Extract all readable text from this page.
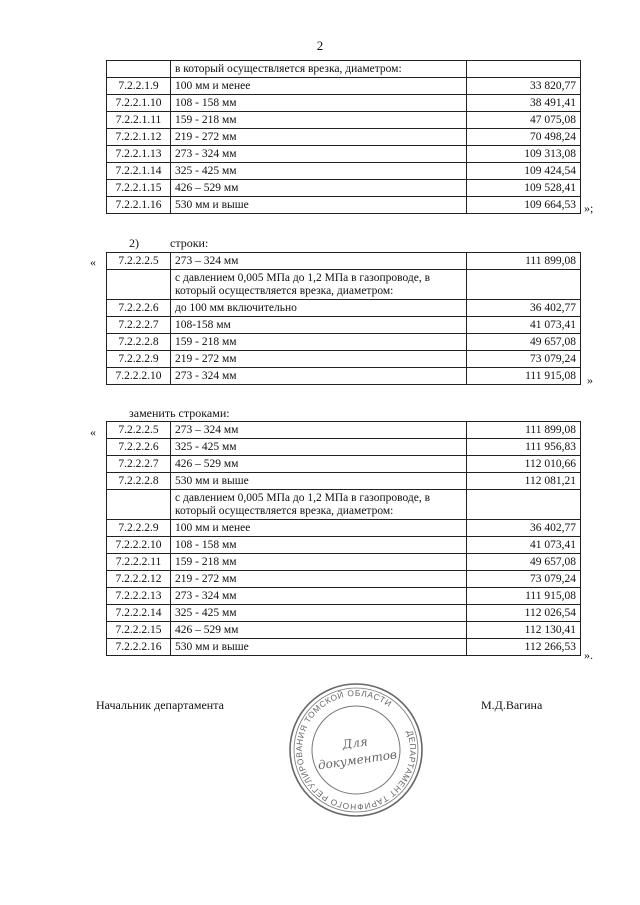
2
	в который осуществляется врезка, диаметром:	
7.2.2.1.9	100 мм и менее	33 820,77
7.2.2.1.10	108 - 158 мм	38 491,41
7.2.2.1.11	159 - 218 мм	47 075,08
7.2.2.1.12	219 - 272 мм	70 498,24
7.2.2.1.13	273 - 324 мм	109 313,08
7.2.2.1.14	325 - 425 мм	109 424,54
7.2.2.1.15	426 – 529 мм	109 528,41
7.2.2.1.16	530 мм и выше	109 664,53 »;
2)	строки:
« 7.2.2.2.5	273 – 324 мм	111 899,08
	с давлением 0,005 МПа до 1,2 МПа в газопроводе, в который осуществляется врезка, диаметром:	
7.2.2.2.6	до 100 мм включительно	36 402,77
7.2.2.2.7	108-158 мм	41 073,41
7.2.2.2.8	159 - 218 мм	49 657,08
7.2.2.2.9	219 - 272 мм	73 079,24
7.2.2.2.10	273 - 324 мм	111 915,08 »
заменить строками:
« 7.2.2.2.5	273 – 324 мм	111 899,08
7.2.2.2.6	325 - 425 мм	111 956,83
7.2.2.2.7	426 – 529 мм	112 010,66
7.2.2.2.8	530 мм и выше	112 081,21
	с давлением 0,005 МПа до 1,2 МПа в газопроводе, в который осуществляется врезка, диаметром:	
7.2.2.2.9	100 мм и менее	36 402,77
7.2.2.2.10	108 - 158 мм	41 073,41
7.2.2.2.11	159 - 218 мм	49 657,08
7.2.2.2.12	219 - 272 мм	73 079,24
7.2.2.2.13	273 - 324 мм	111 915,08
7.2.2.2.14	325 - 425 мм	112 026,54
7.2.2.2.15	426 – 529 мм	112 130,41
7.2.2.2.16	530 мм и выше	112 266,53
».
Начальник департамента	М.Д.Вагина
ДЕПАРТАМЕНТ ТАРИФНОГО РЕГУЛИРОВАНИЯ ТОМСКОЙ ОБЛАСТИ
Для
документов
